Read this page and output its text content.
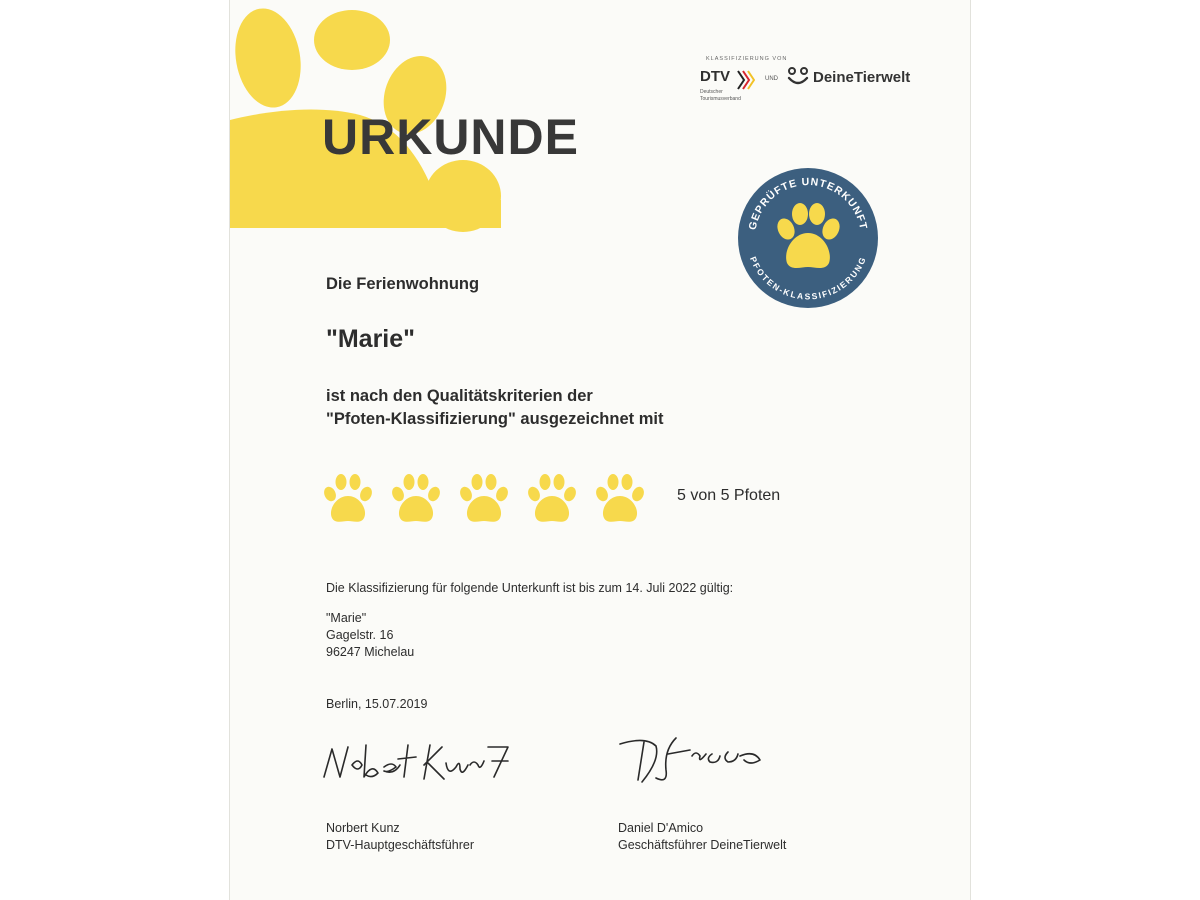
URKUNDE
KLASSIFIZIERUNG VON
DTV
Deutscher
Tourismusverband
UND DeineTierwelt
GEPRÜFTE UNTERKUNFT
PFOTEN-KLASSIFIZIERUNG
Die Ferienwohnung
"Marie"
ist nach den Qualitätskriterien der
"Pfoten-Klassifizierung" ausgezeichnet mit
5 von 5 Pfoten
Die Klassifizierung für folgende Unterkunft ist bis zum 14. Juli 2022 gültig:
"Marie"
Gagelstr. 16
96247 Michelau
Berlin, 15.07.2019
Norbert Kunz
DTV-Hauptgeschäftsführer
Daniel D'Amico
Geschäftsführer DeineTierwelt
